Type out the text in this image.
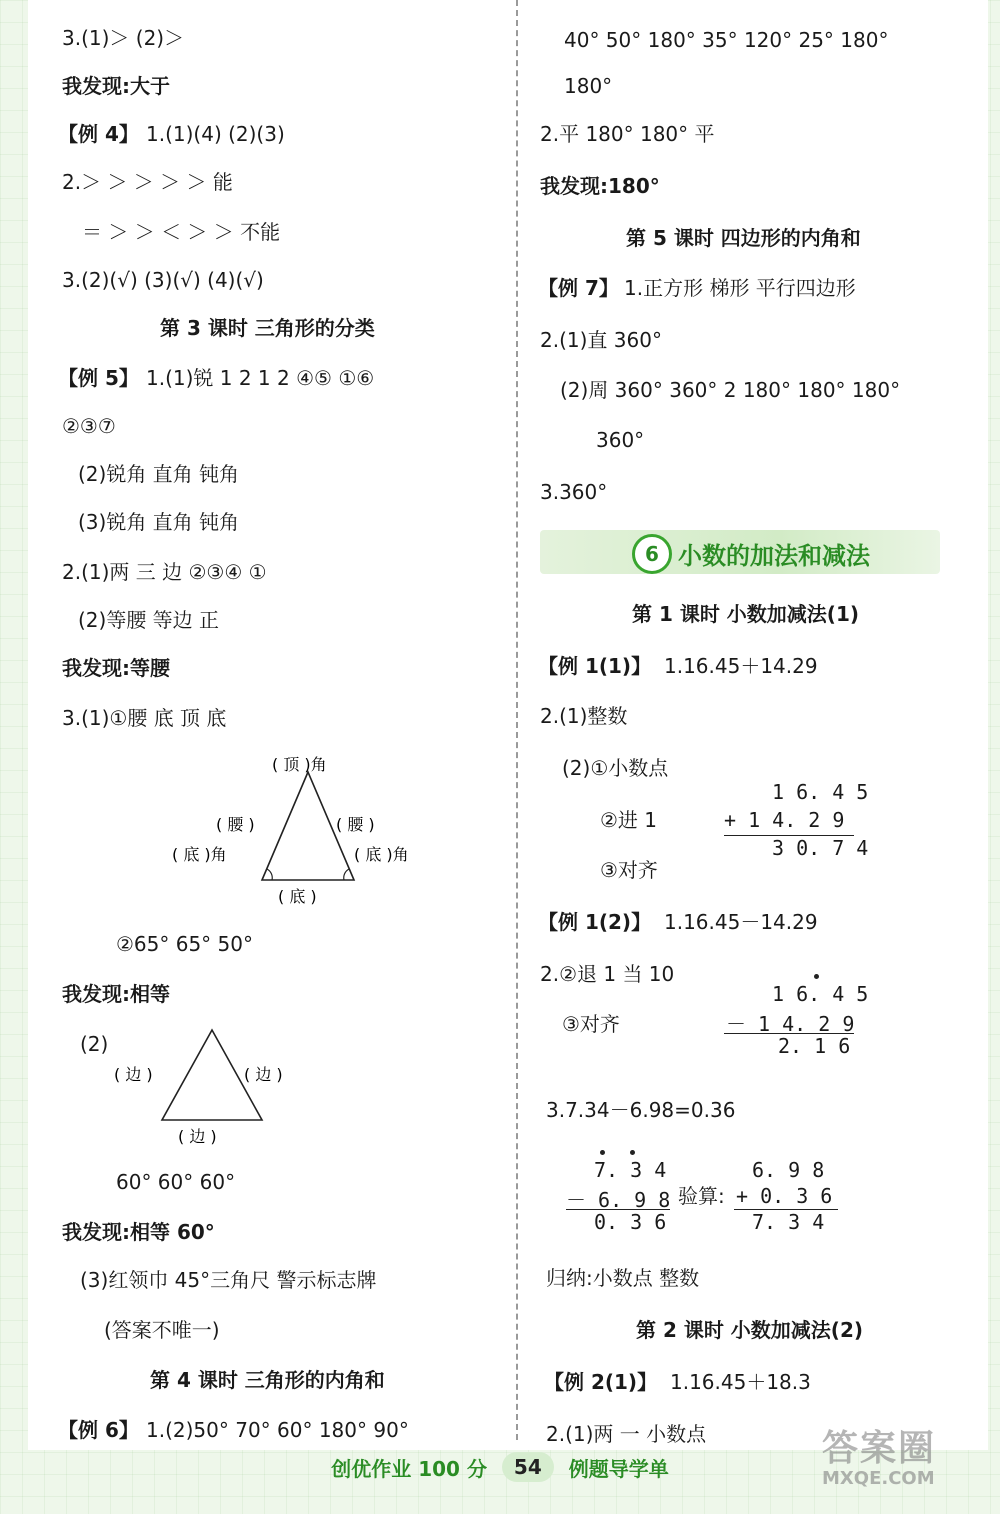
3.(1)＞ (2)＞
我发现:大于
【例 4】 1.(1)(4) (2)(3)
2.＞ ＞ ＞ ＞ ＞ 能
＝ ＞ ＞ ＜ ＞ ＞ 不能
3.(2)(√) (3)(√) (4)(√)
第 3 课时 三角形的分类
【例 5】 1.(1)锐 1 2 1 2 ④⑤ ①⑥
②③⑦
(2)锐角 直角 钝角
(3)锐角 直角 钝角
2.(1)两 三 边 ②③④ ①
(2)等腰 等边 正
我发现:等腰
3.(1)①腰 底 顶 底
( 顶 )角
( 腰 )	( 腰 )
( 底 )角	( 底 )角
( 底 )
②65° 65° 50°
我发现:相等
(2)
( 边 )	( 边 )
( 边 )
60° 60° 60°
我发现:相等 60°
(3)红领巾 45°三角尺 警示标志牌
(答案不唯一)
第 4 课时 三角形的内角和
【例 6】 1.(2)50° 70° 60° 180° 90°
40° 50° 180° 35° 120° 25° 180°
180°
2.平 180° 180° 平
我发现:180°
第 5 课时 四边形的内角和
【例 7】 1.正方形 梯形 平行四边形
2.(1)直 360°
(2)周 360° 360° 2 180° 180° 180°
360°
3.360°
6 小数的加法和减法
第 1 课时 小数加减法(1)
【例 1(1)】 1.16.45＋14.29
2.(1)整数
(2)①小数点
②进 1
③对齐
1 6. 4 5
+ 1 4. 2 9
3 0. 7 4
【例 1(2)】 1.16.45－14.29
2.②退 1 当 10
③对齐
1 6. 4 5
－ 1 4. 2 9
2. 1 6
3.7.34－6.98=0.36
7. 3 4
－ 6. 9 8
0. 3 6
验算:
6. 9 8
+ 0. 3 6
7. 3 4
归纳:小数点 整数
第 2 课时 小数加减法(2)
【例 2(1)】 1.16.45＋18.3
2.(1)两 一 小数点
创优作业 100 分 54 例题导学单	答案圈
MXQE.COM
